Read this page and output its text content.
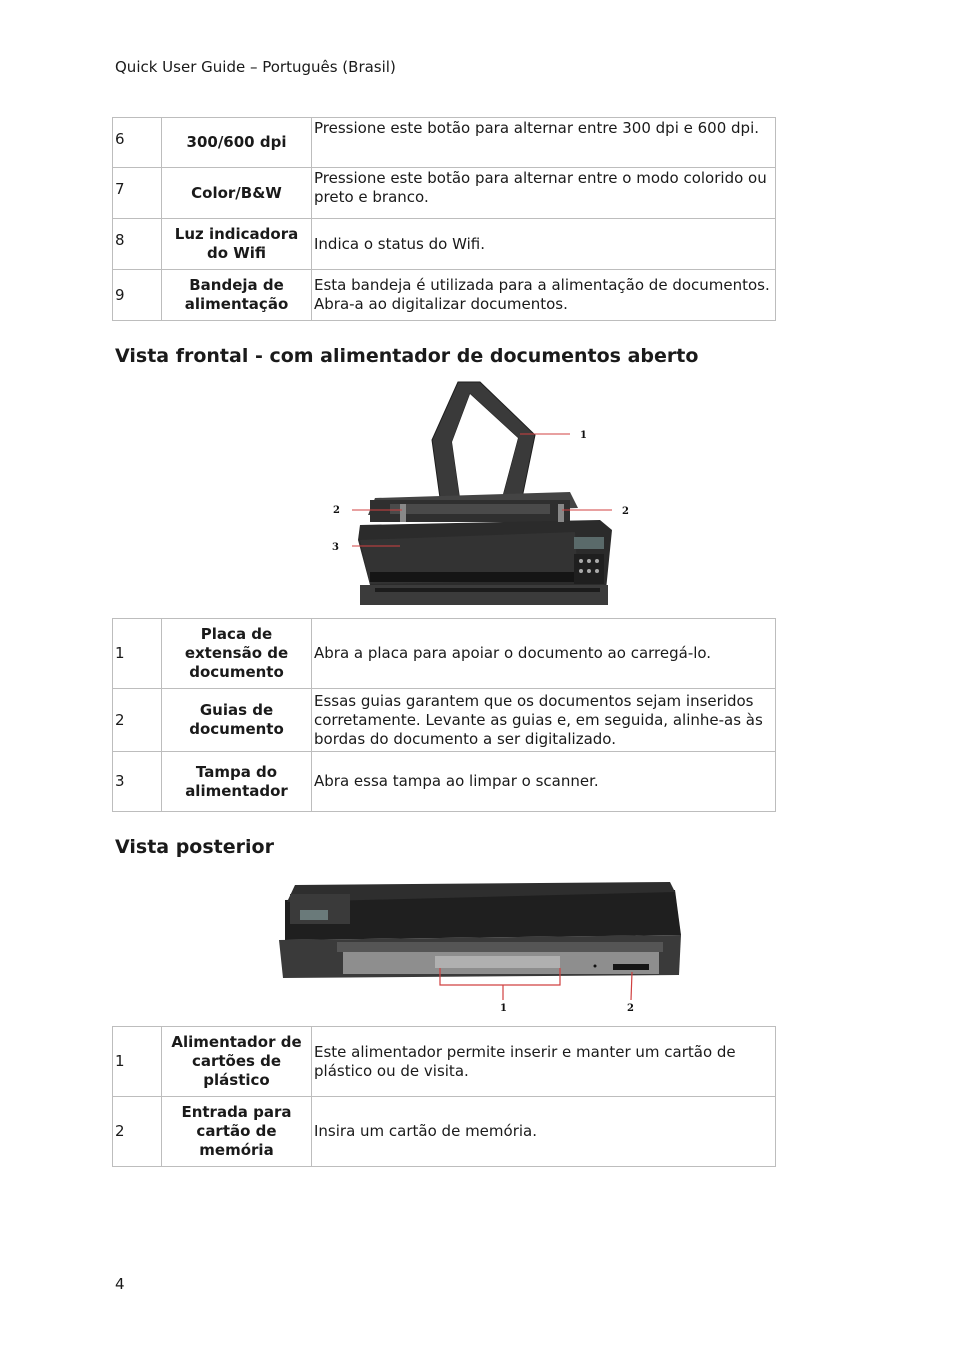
Quick User Guide – Português (Brasil)
6	300/600 dpi	Pressione este botão para alternar entre 300 dpi e 600 dpi.
7	Color/B&W	Pressione este botão para alternar entre o modo colorido ou preto e branco.
8	Luz indicadora do Wifi	Indica o status do Wifi.
9	Bandeja de alimentação	Esta bandeja é utilizada para a alimentação de documentos. Abra-a ao digitalizar documentos.
Vista frontal - com alimentador de documentos aberto
1
2	2
3
1	Placa de extensão de documento	Abra a placa para apoiar o documento ao carregá-lo.
2	Guias de documento	Essas guias garantem que os documentos sejam inseridos corretamente. Levante as guias e, em seguida, alinhe-as às bordas do documento a ser digitalizado.
3	Tampa do alimentador	Abra essa tampa ao limpar o scanner.
Vista posterior
1	2
1	Alimentador de cartões de plástico	Este alimentador permite inserir e manter um cartão de plástico ou de visita.
2	Entrada para cartão de memória	Insira um cartão de memória.
4
